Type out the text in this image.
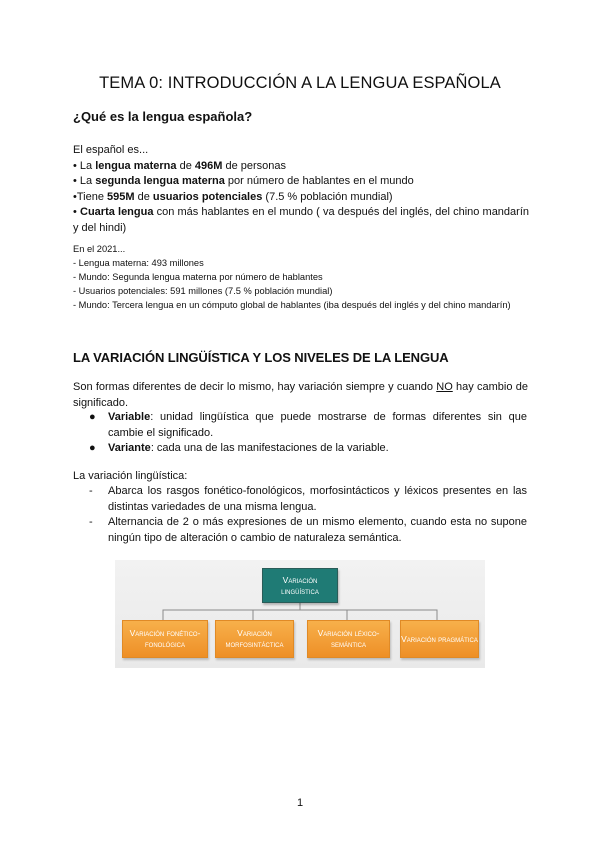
TEMA 0: INTRODUCCIÓN A LA LENGUA ESPAÑOLA
¿Qué es la lengua española?
El español es...
• La lengua materna de 496M de personas
• La segunda lengua materna por número de hablantes en el mundo
•Tiene 595M de usuarios potenciales (7.5 % población mundial)
• Cuarta lengua con más hablantes en el mundo ( va después del inglés, del chino mandarín y del hindi)
En el 2021...
- Lengua materna: 493 millones
- Mundo: Segunda lengua materna por número de hablantes
- Usuarios potenciales: 591 millones (7.5 % población mundial)
- Mundo: Tercera lengua en un cómputo global de hablantes (iba después del inglés y del chino mandarín)
LA VARIACIÓN LINGÜÍSTICA Y LOS NIVELES DE LA LENGUA
Son formas diferentes de decir lo mismo, hay variación siempre y cuando NO hay cambio de significado.
● Variable: unidad lingüística que puede mostrarse de formas diferentes sin que cambie el significado.
● Variante: cada una de las manifestaciones de la variable.
La variación lingüística:
- Abarca los rasgos fonético-fonológicos, morfosintácticos y léxicos presentes en las distintas variedades de una misma lengua.
- Alternancia de 2 o más expresiones de un mismo elemento, cuando esta no supone ningún tipo de alteración o cambio de naturaleza semántica.
Variación lingüística
Variación fonético-fonológica
Variación morfosintáctica
Variación léxico-semántica
Variación pragmática
1
